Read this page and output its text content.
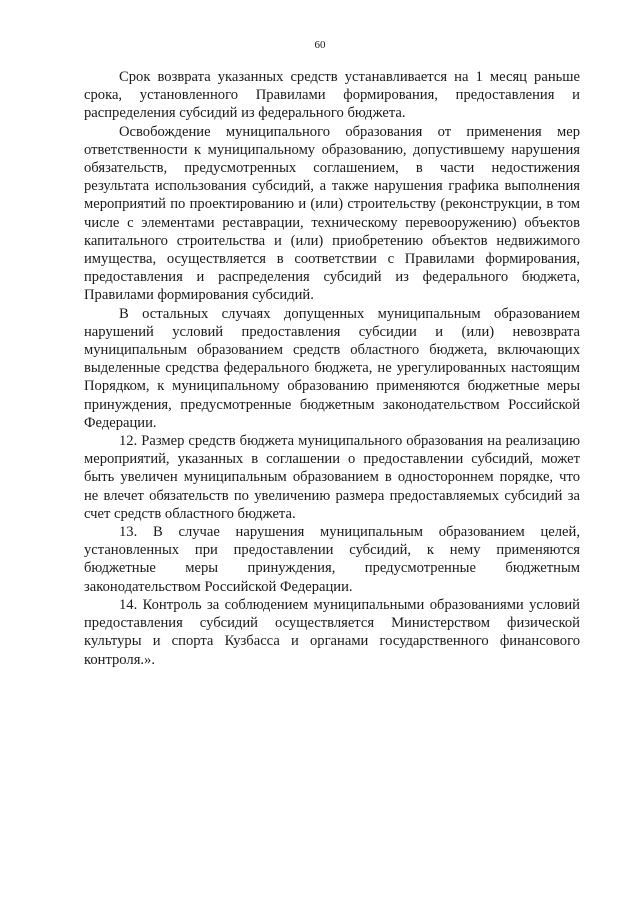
60

Срок возврата указанных средств устанавливается на 1 месяц раньше срока, установленного Правилами формирования, предоставления и распределения субсидий из федерального бюджета.

Освобождение муниципального образования от применения мер ответственности к муниципальному образованию, допустившему нарушения обязательств, предусмотренных соглашением, в части недостижения результата использования субсидий, а также нарушения графика выполнения мероприятий по проектированию и (или) строительству (реконструкции, в том числе с элементами реставрации, техническому перевооружению) объектов капитального строительства и (или) приобретению объектов недвижимого имущества, осуществляется в соответствии с Правилами формирования, предоставления и распределения субсидий из федерального бюджета, Правилами формирования субсидий.

В остальных случаях допущенных муниципальным образованием нарушений условий предоставления субсидии и (или) невозврата муниципальным образованием средств областного бюджета, включающих выделенные средства федерального бюджета, не урегулированных настоящим Порядком, к муниципальному образованию применяются бюджетные меры принуждения, предусмотренные бюджетным законодательством Российской Федерации.

12. Размер средств бюджета муниципального образования на реализацию мероприятий, указанных в соглашении о предоставлении субсидий, может быть увеличен муниципальным образованием в одностороннем порядке, что не влечет обязательств по увеличению размера предоставляемых субсидий за счет средств областного бюджета.

13. В случае нарушения муниципальным образованием целей, установленных при предоставлении субсидий, к нему применяются бюджетные меры принуждения, предусмотренные бюджетным законодательством Российской Федерации.

14. Контроль за соблюдением муниципальными образованиями условий предоставления субсидий осуществляется Министерством физической культуры и спорта Кузбасса и органами государственного финансового контроля.».
